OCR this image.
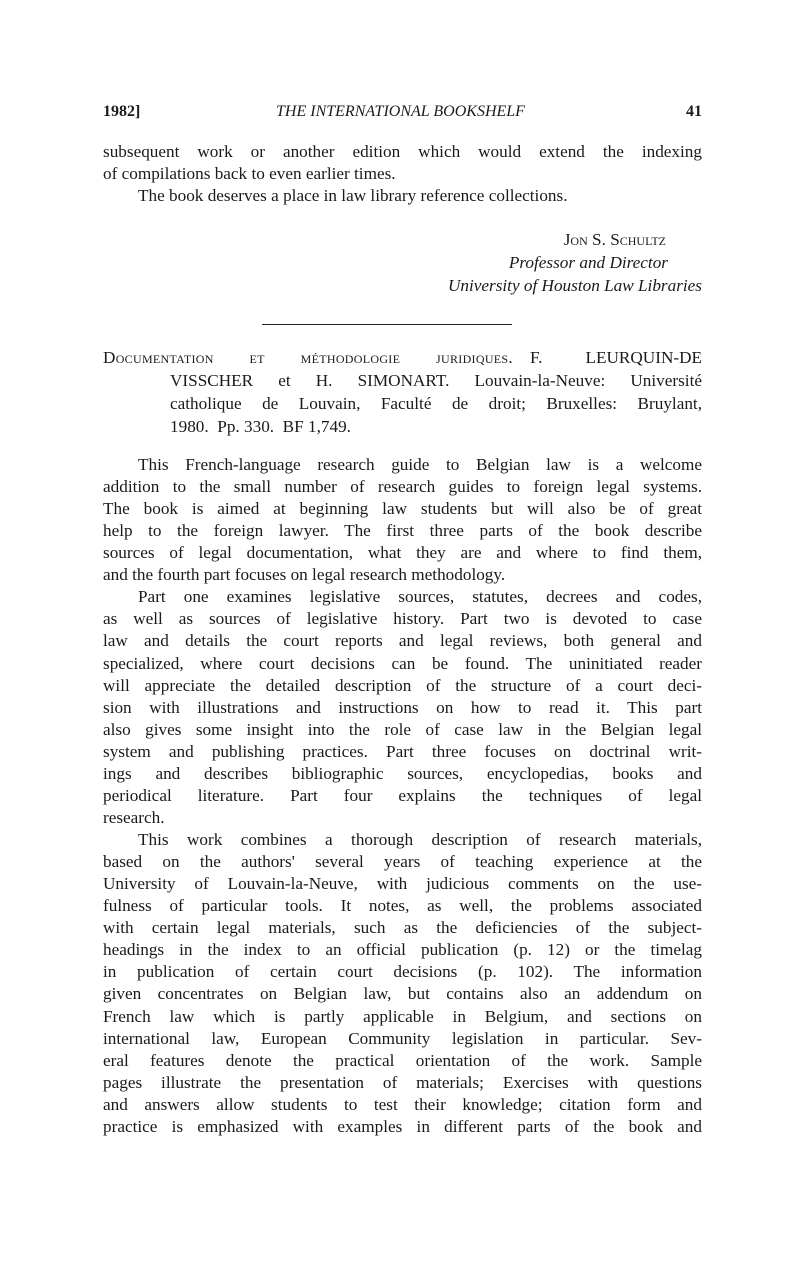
1982]	THE INTERNATIONAL BOOKSHELF	41
subsequent work or another edition which would extend the indexing
of compilations back to even earlier times.
The book deserves a place in law library reference collections.
Jon S. Schultz
Professor and Director
University of Houston Law Libraries
Documentation et méthodologie juridiques. F. LEURQUIN-DE
VISSCHER et H. SIMONART. Louvain-la-Neuve: Université
catholique de Louvain, Faculté de droit; Bruxelles: Bruylant,
1980.  Pp. 330.  BF 1,749.
This French-language research guide to Belgian law is a welcome
addition to the small number of research guides to foreign legal systems.
The book is aimed at beginning law students but will also be of great
help to the foreign lawyer. The first three parts of the book describe
sources of legal documentation, what they are and where to find them,
and the fourth part focuses on legal research methodology.
Part one examines legislative sources, statutes, decrees and codes,
as well as sources of legislative history. Part two is devoted to case
law and details the court reports and legal reviews, both general and
specialized, where court decisions can be found. The uninitiated reader
will appreciate the detailed description of the structure of a court deci-
sion with illustrations and instructions on how to read it. This part
also gives some insight into the role of case law in the Belgian legal
system and publishing practices. Part three focuses on doctrinal writ-
ings and describes bibliographic sources, encyclopedias, books and
periodical literature. Part four explains the techniques of legal
research.
This work combines a thorough description of research materials,
based on the authors' several years of teaching experience at the
University of Louvain-la-Neuve, with judicious comments on the use-
fulness of particular tools. It notes, as well, the problems associated
with certain legal materials, such as the deficiencies of the subject-
headings in the index to an official publication (p. 12) or the timelag
in publication of certain court decisions (p. 102). The information
given concentrates on Belgian law, but contains also an addendum on
French law which is partly applicable in Belgium, and sections on
international law, European Community legislation in particular. Sev-
eral features denote the practical orientation of the work. Sample
pages illustrate the presentation of materials; Exercises with questions
and answers allow students to test their knowledge; citation form and
practice is emphasized with examples in different parts of the book and
